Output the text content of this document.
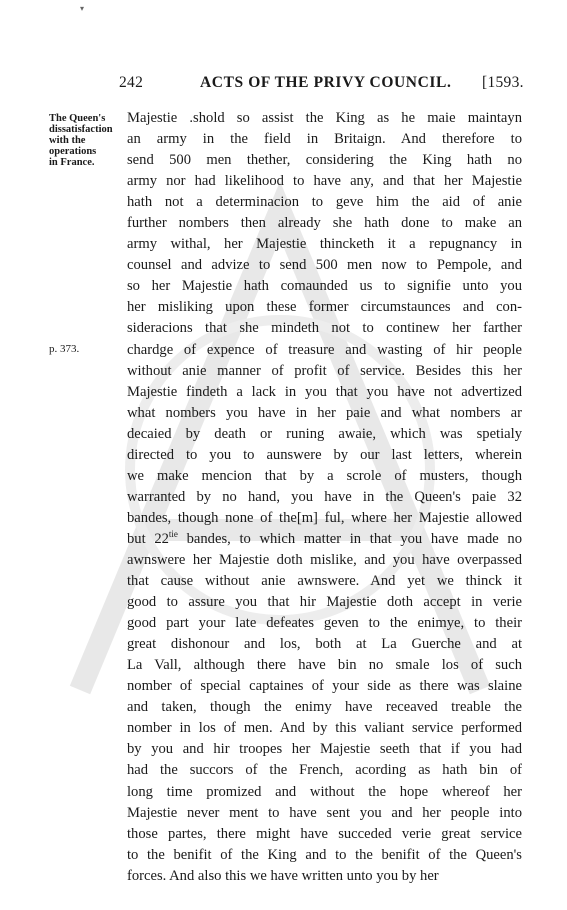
▾
242	ACTS OF THE PRIVY COUNCIL. [1593.
The Queen's
dissatisfaction
with the
operations
in France.
p. 373.
Majestie .shold so assist the King as he maie maintayn
an army in the field in Britaign. And therefore to
send 500 men thether, considering the King hath no
army nor had likelihood to have any, and that her Majestie
hath not a determinacion to geve him the aid of anie
further nombers then already she hath done to make an
army withal, her Majestie thincketh it a repugnancy in
counsel and advize to send 500 men now to Pempole, and
so her Majestie hath comaunded us to signifie unto you
her misliking upon these former circumstaunces and con-
sideracions that she mindeth not to continew her farther
chardge of expence of treasure and wasting of hir people
without anie manner of profit of service. Besides this her
Majestie findeth a lack in you that you have not advertized
what nombers you have in her paie and what nombers ar
decaied by death or runing awaie, which was spetialy
directed to you to aunswere by our last letters, wherein
we make mencion that by a scrole of musters, though
warranted by no hand, you have in the Queen's paie 32
bandes, though none of the[m] ful, where her Majestie allowed
but $22^{tie}$ bandes, to which matter in that you have made no
awnswere her Majestie doth mislike, and you have overpassed
that cause without anie awnswere. And yet we thinck it
good to assure you that hir Majestie doth accept in verie
good part your late defeates geven to the enimye, to their
great dishonour and los, both at La Guerche and at
La Vall, although there have bin no smale los of such
nomber of special captaines of your side as there was slaine
and taken, though the enimy have receaved treable the
nomber in los of men. And by this valiant service performed
by you and hir troopes her Majestie seeth that if you had
had the succors of the French, acording as hath bin of
long time promized and without the hope whereof her
Majestie never ment to have sent you and her people into
those partes, there might have succeded verie great service
to the benifit of the King and to the benifit of the Queen's
forces. And also this we have written unto you by her
